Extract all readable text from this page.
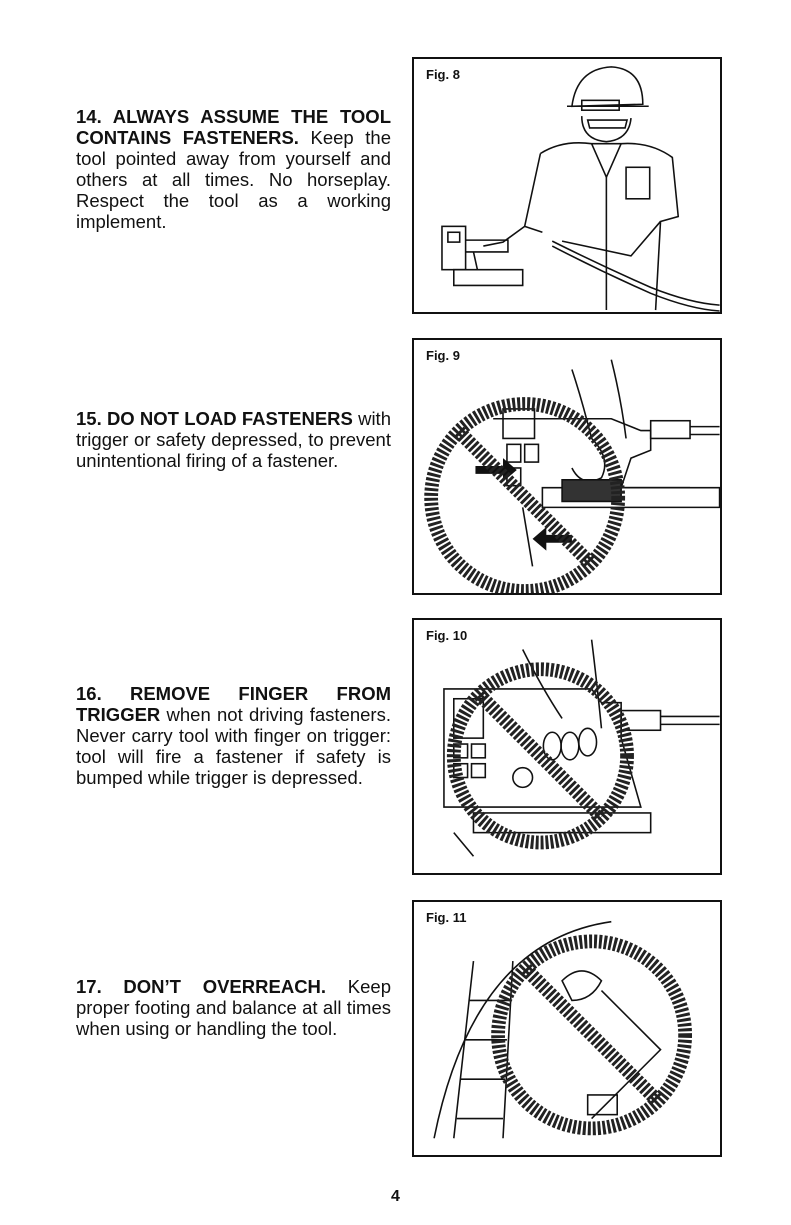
14. ALWAYS ASSUME THE TOOL CONTAINS FASTENERS. Keep the tool pointed away from yourself and others at all times. No horseplay. Respect the tool as a working implement.

Fig. 8

15. DO NOT LOAD FASTENERS with trigger or safety depressed, to prevent unintentional firing of a fastener.

Fig. 9

16. REMOVE FINGER FROM TRIGGER when not driving fasteners. Never carry tool with finger on trigger: tool will fire a fastener if safety is bumped while trigger is depressed.

Fig. 10

17. DON’T OVERREACH. Keep proper footing and balance at all times when using or handling the tool.

Fig. 11
4
